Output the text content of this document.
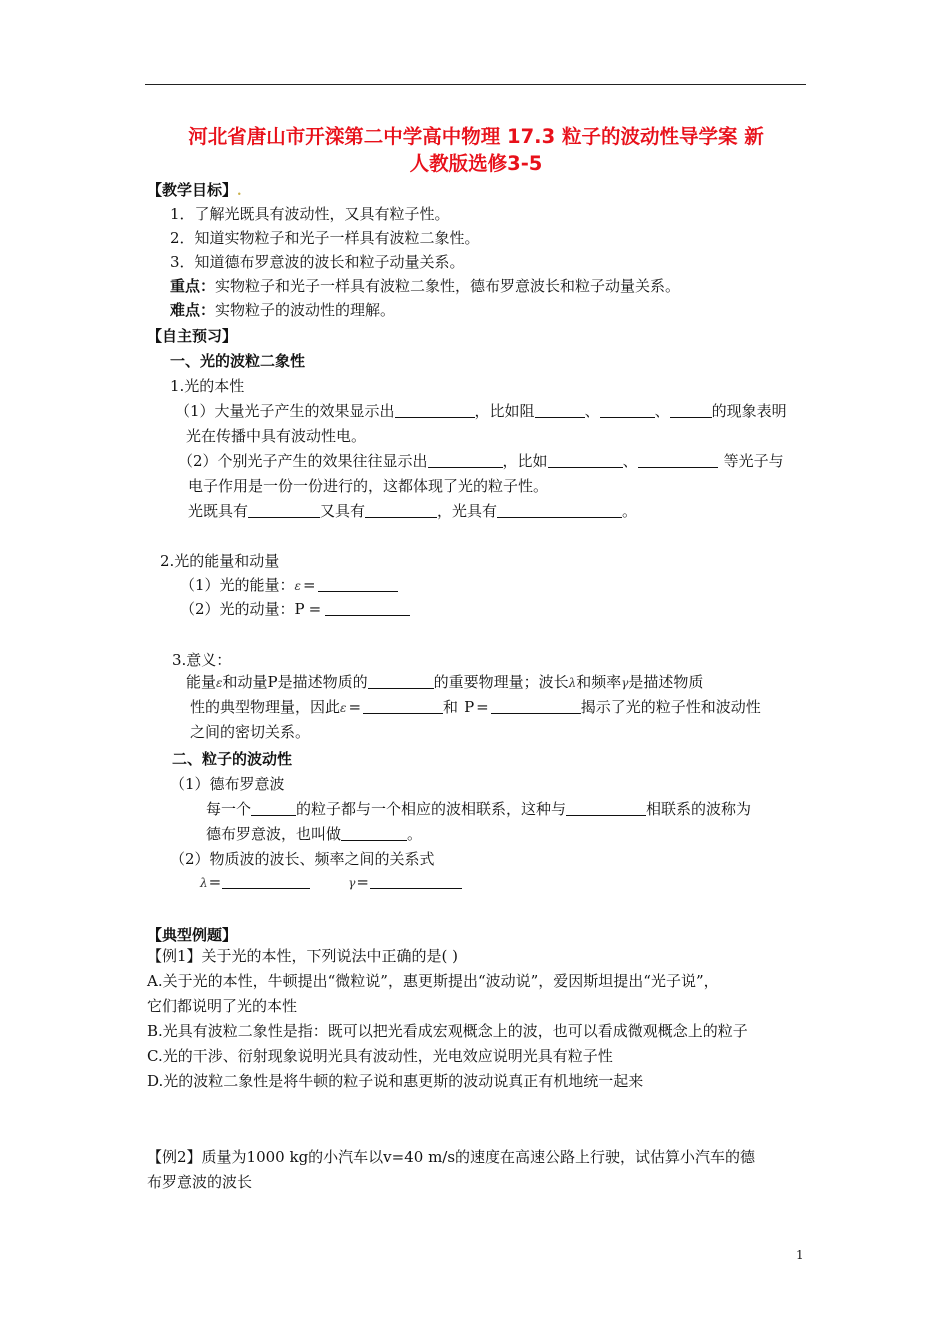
河北省唐山市开滦第二中学高中物理 17.3 粒子的波动性导学案 新
人教版选修3-5
【教学目标】.
1．了解光既具有波动性，又具有粒子性。
2．知道实物粒子和光子一样具有波粒二象性。
3．知道德布罗意波的波长和粒子动量关系。
重点：实物粒子和光子一样具有波粒二象性，德布罗意波长和粒子动量关系。
难点：实物粒子的波动性的理解。
【自主预习】
一、光的波粒二象性
1.光的本性
（1）大量光子产生的效果显示出	，比如阻	、	、	的现象表明
光在传播中具有波动性电。
（2）个别光子产生的效果往往显示出	，比如	、	等光子与
电子作用是一份一份进行的，这都体现了光的粒子性。
光既具有	又具有	，光具有	。
2.光的能量和动量
（1）光的能量：ε =
（2）光的动量：P =
3.意义：
能量ε和动量P是描述物质的	的重要物理量；波长λ和频率γ是描述物质
性的典型物理量，因此ε =	和 P =	揭示了光的粒子性和波动性
之间的密切关系。
二、粒子的波动性
（1）德布罗意波
每一个	的粒子都与一个相应的波相联系，这种与	相联系的波称为
德布罗意波，也叫做	。
（2）物质波的波长、频率之间的关系式
λ=	γ=
【典型例题】
【例1】关于光的本性，下列说法中正确的是( )
A.关于光的本性，牛顿提出“微粒说”，惠更斯提出“波动说”，爱因斯坦提出“光子说”，
它们都说明了光的本性
B.光具有波粒二象性是指：既可以把光看成宏观概念上的波，也可以看成微观概念上的粒子
C.光的干涉、衍射现象说明光具有波动性，光电效应说明光具有粒子性
D.光的波粒二象性是将牛顿的粒子说和惠更斯的波动说真正有机地统一起来
【例2】质量为1000 kg的小汽车以v=40 m/s的速度在高速公路上行驶，试估算小汽车的德
布罗意波的波长
1
